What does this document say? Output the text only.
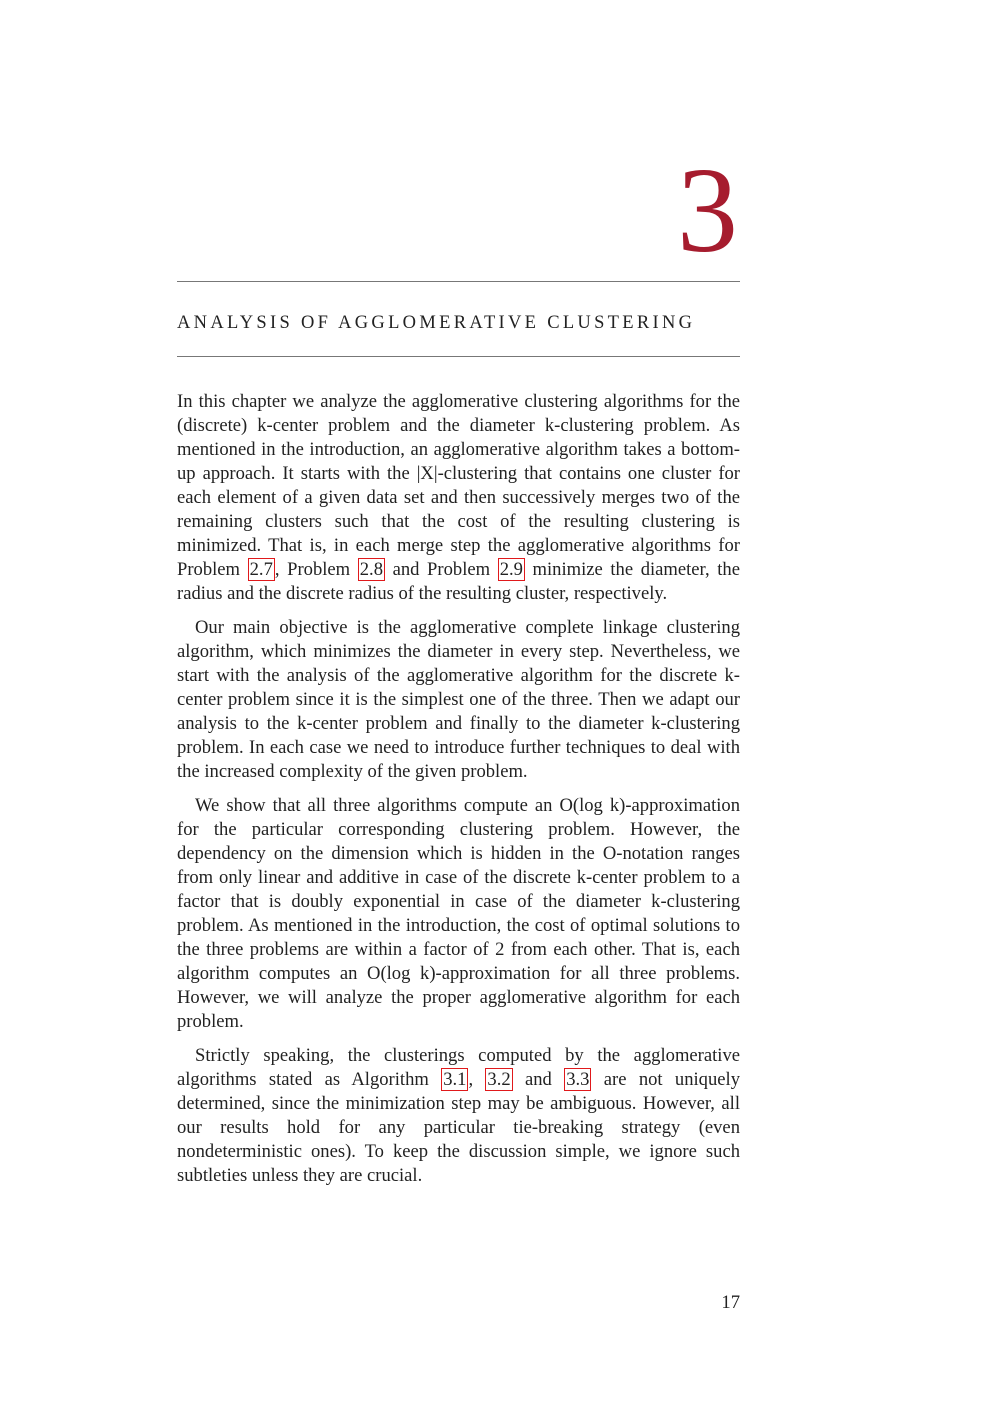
3
ANALYSIS OF AGGLOMERATIVE CLUSTERING

In this chapter we analyze the agglomerative clustering algorithms for the (discrete) k-center problem and the diameter k-clustering problem. As mentioned in the introduction, an agglomerative algorithm takes a bottom-up approach. It starts with the |X|-clustering that contains one cluster for each element of a given data set and then successively merges two of the remaining clusters such that the cost of the resulting clustering is minimized. That is, in each merge step the agglomerative algorithms for Problem 2.7 , Problem 2.8 and Problem 2.9 minimize the diameter, the radius and the discrete radius of the resulting cluster, respectively.

Our main objective is the agglomerative complete linkage clustering algorithm, which minimizes the diameter in every step. Nevertheless, we start with the analysis of the agglomerative algorithm for the discrete k-center problem since it is the simplest one of the three. Then we adapt our analysis to the k-center problem and finally to the diameter k-clustering problem. In each case we need to introduce further techniques to deal with the increased complexity of the given problem.

We show that all three algorithms compute an O(log k)-approximation for the particular corresponding clustering problem. However, the dependency on the dimension which is hidden in the O-notation ranges from only linear and additive in case of the discrete k-center problem to a factor that is doubly exponential in case of the diameter k-clustering problem. As mentioned in the introduction, the cost of optimal solutions to the three problems are within a factor of 2 from each other. That is, each algorithm computes an O(log k)-approximation for all three problems. However, we will analyze the proper agglomerative algorithm for each problem.

Strictly speaking, the clusterings computed by the agglomerative algorithms stated as Algorithm 3.1 , 3.2 and 3.3 are not uniquely determined, since the minimization step may be ambiguous. However, all our results hold for any particular tie-breaking strategy (even nondeterministic ones). To keep the discussion simple, we ignore such subtleties unless they are crucial.

17
